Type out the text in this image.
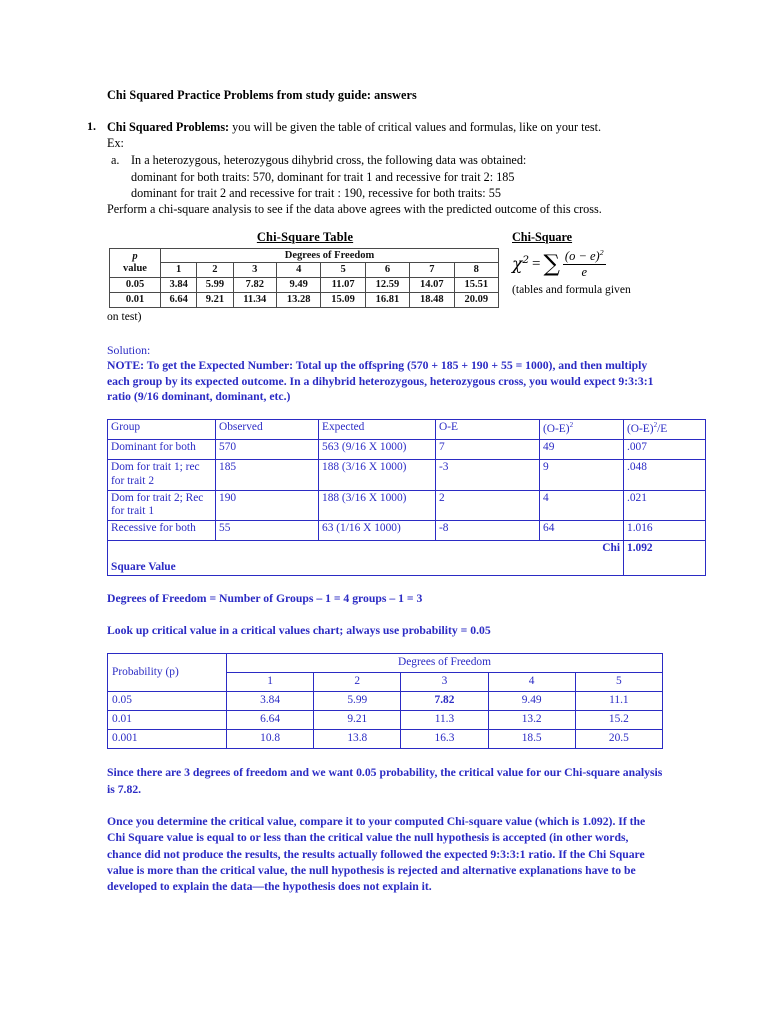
Chi Squared Practice Problems from study guide: answers
1. Chi Squared Problems: you will be given the table of critical values and formulas, like on your test.
Ex:
a. In a heterozygous, heterozygous dihybrid cross, the following data was obtained:
dominant for both traits: 570, dominant for trait 1 and recessive for trait 2: 185
dominant for trait 2 and recessive for trait : 190, recessive for both traits: 55
Perform a chi-square analysis to see if the data above agrees with the predicted outcome of this cross.
Chi-Square Table
p
value	Degrees of Freedom							
	1	2	3	4	5	6	7	8
0.05	3.84	5.99	7.82	9.49	11.07	12.59	14.07	15.51
0.01	6.64	9.21	11.34	13.28	15.09	16.81	18.48	20.09
on test)
Chi-Square
$\chi^2$ = ∑ $\frac{(o - e)^2}{e}$
(tables and formula given
Solution:
NOTE: To get the Expected Number: Total up the offspring (570 + 185 + 190 + 55 = 1000), and then multiply each group by its expected outcome. In a dihybrid heterozygous, heterozygous cross, you would expect 9:3:3:1 ratio (9/16 dominant, dominant, etc.)
Group	Observed	Expected	O-E	$(O-E)^2$	$(O-E)^2/E$
Dominant for both	570	563 (9/16 X 1000)	7	49	.007
Dom for trait 1; rec for trait 2	185	188 (3/16 X 1000)	-3	9	.048
Dom for trait 2; Rec for trait 1	190	188 (3/16 X 1000)	2	4	.021
Recessive for both	55	63 (1/16 X 1000)	-8	64	1.016

Chi
Square Value					1.092
Degrees of Freedom = Number of Groups – 1 = 4 groups – 1 = 3
Look up critical value in a critical values chart; always use probability = 0.05
Probability (p)	Degrees of Freedom				
	1	2	3	4	5
0.05	3.84	5.99	7.82	9.49	11.1
0.01	6.64	9.21	11.3	13.2	15.2
0.001	10.8	13.8	16.3	18.5	20.5
Since there are 3 degrees of freedom and we want 0.05 probability, the critical value for our Chi-square analysis is 7.82.
Once you determine the critical value, compare it to your computed Chi-square value (which is 1.092). If the Chi Square value is equal to or less than the critical value the null hypothesis is accepted (in other words, chance did not produce the results, the results actually followed the expected 9:3:3:1 ratio. If the Chi Square value is more than the critical value, the null hypothesis is rejected and alternative explanations have to be developed to explain the data—the hypothesis does not explain it.
